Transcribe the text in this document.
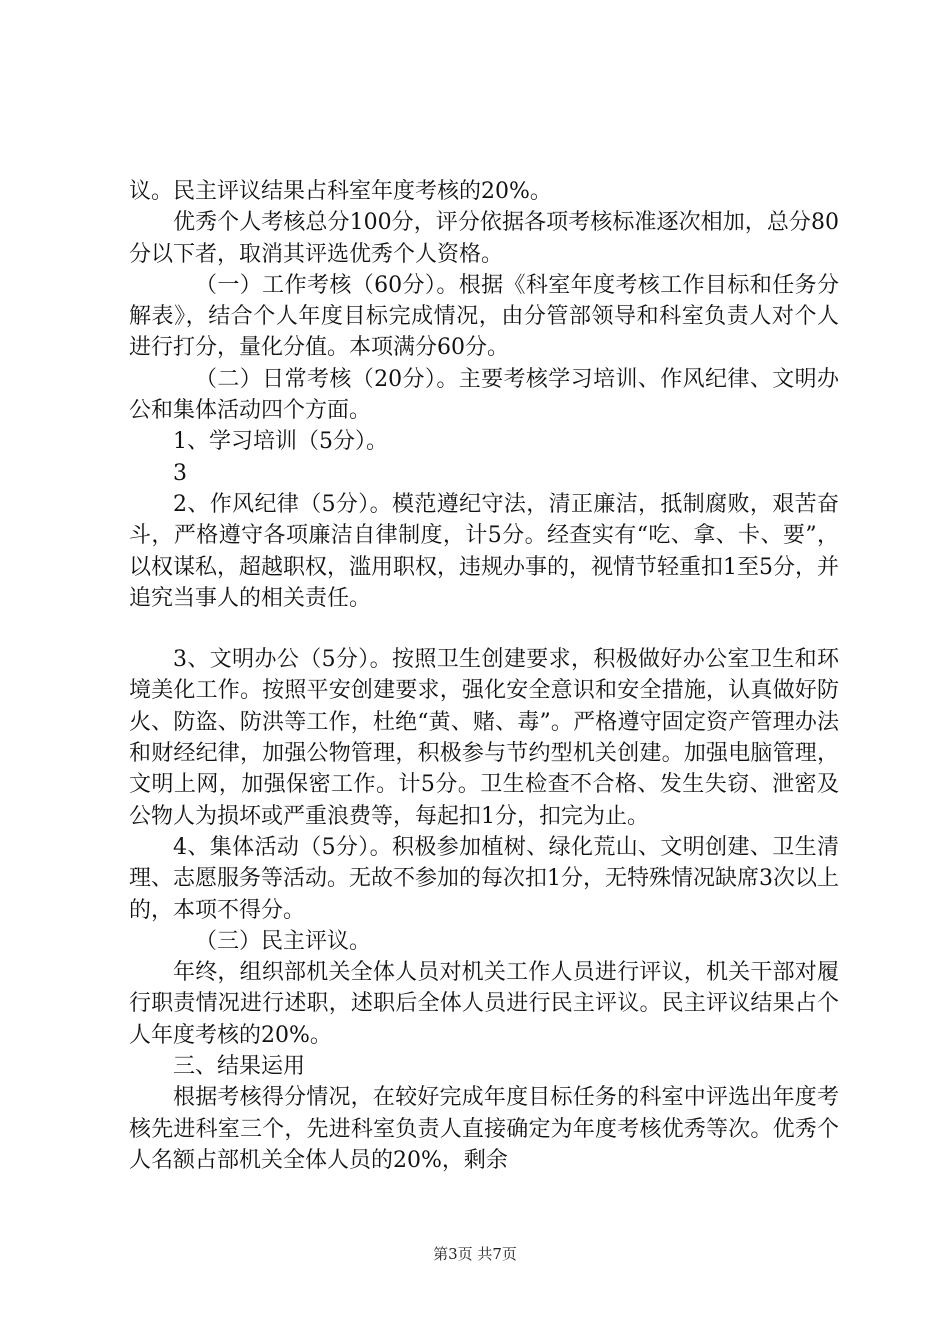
议。民主评议结果占科室年度考核的20%。

优秀个人考核总分100分，评分依据各项考核标准逐次相加，总分80分以下者，取消其评选优秀个人资格。

（一）工作考核（60分）。根据《科室年度考核工作目标和任务分解表》，结合个人年度目标完成情况，由分管部领导和科室负责人对个人进行打分，量化分值。本项满分60分。

（二）日常考核（20分）。主要考核学习培训、作风纪律、文明办公和集体活动四个方面。

1、学习培训（5分）。

3

2、作风纪律（5分）。模范遵纪守法，清正廉洁，抵制腐败，艰苦奋斗，严格遵守各项廉洁自律制度，计5分。经查实有“吃、拿、卡、要”，以权谋私，超越职权，滥用职权，违规办事的，视情节轻重扣1至5分，并追究当事人的相关责任。

3、文明办公（5分）。按照卫生创建要求，积极做好办公室卫生和环境美化工作。按照平安创建要求，强化安全意识和安全措施，认真做好防火、防盗、防洪等工作，杜绝“黄、赌、毒”。严格遵守固定资产管理办法和财经纪律，加强公物管理，积极参与节约型机关创建。加强电脑管理，文明上网，加强保密工作。计5分。卫生检查不合格、发生失窃、泄密及公物人为损坏或严重浪费等，每起扣1分，扣完为止。

4、集体活动（5分）。积极参加植树、绿化荒山、文明创建、卫生清理、志愿服务等活动。无故不参加的每次扣1分，无特殊情况缺席3次以上的，本项不得分。

（三）民主评议。

年终，组织部机关全体人员对机关工作人员进行评议，机关干部对履行职责情况进行述职，述职后全体人员进行民主评议。民主评议结果占个人年度考核的20%。

三、结果运用

根据考核得分情况，在较好完成年度目标任务的科室中评选出年度考核先进科室三个，先进科室负责人直接确定为年度考核优秀等次。优秀个人名额占部机关全体人员的20%，剩余

第3页 共7页
